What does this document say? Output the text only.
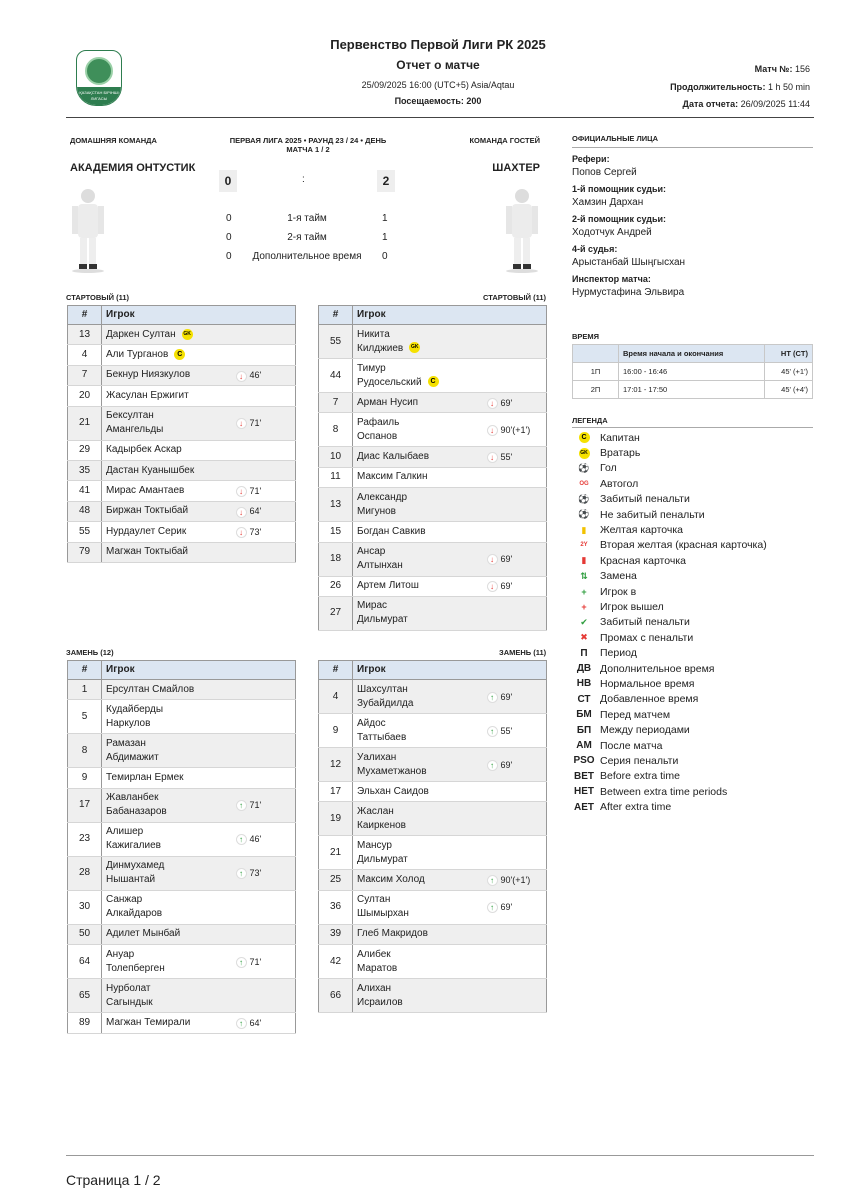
ҚАЗАҚСТАН БІРІНШІ ЛИГАСЫ
Первенство Первой Лиги РК 2025
Отчет о матче
25/09/2025 16:00 (UTC+5) Asia/Aqtau
Посещаемость: 200
Матч №: 156
Продолжительность: 1 h 50 min
Дата отчета: 26/09/2025 11:44
ДОМАШНЯЯ КОМАНДА	ПЕРВАЯ ЛИГА 2025 • РАУНД 23 / 24 • ДЕНЬ МАТЧА 1 / 2
КОМАНДА ГОСТЕЙ
АКАДЕМИЯ ОНТУСТИК	ШАХТЕР
0	:	2
0	1-я тайм	1
0	2-я тайм	1
0	Дополнительное время	0
СТАРТОВЫЙ (11)	СТАРТОВЫЙ (11)
ЗАМЕНЬ (12)	ЗАМЕНЬ (11)
#	Игрок	
13	Даркен Султан GK	
4	Али Турганов C	
7	Бекнур Ниязкулов	↓ 46'
20	Жасулан Ержигит	
21	Бексултан
Амангельды	↓ 71'
29	Кадырбек Аскар	
35	Дастан Куанышбек	
41	Мирас Амантаев	↓ 71'
48	Биржан Токтыбай	↓ 64'
55	Нурдаулет Серик	↓ 73'
79	Магжан Токтыбай	
#	Игрок	
55	Никита
Килджиев GK	
44	Тимур
Рудосельский C	
7	Арман Нусип	↓ 69'
8	Рафаиль
Оспанов	↓ 90'(+1')
10	Диас Калыбаев	↓ 55'
11	Максим Галкин	
13	Александр
Мигунов	
15	Богдан Савкив	
18	Ансар
Алтынхан	↓ 69'
26	Артем Литош	↓ 69'
27	Мирас
Дильмурат	
#	Игрок	
1	Ерсултан Смайлов	
5	Кудайберды
Наркулов	
8	Рамазан
Абдимажит	
9	Темирлан Ермек	
17	Жавланбек
Бабаназаров	↑ 71'
23	Алишер
Кажигалиев	↑ 46'
28	Динмухамед
Нышантай	↑ 73'
30	Санжар
Алкайдаров	
50	Адилет Мынбай	
64	Ануар
Толепберген	↑ 71'
65	Нурболат
Сагындык	
89	Магжан Темирали	↑ 64'
#	Игрок	
4	Шахсултан
Зубайдилда	↑ 69'
9	Айдос
Таттыбаев	↑ 55'
12	Уалихан
Мухаметжанов	↑ 69'
17	Эльхан Саидов	
19	Жаслан
Каиркенов	
21	Мансур
Дильмурат	
25	Максим Холод	↑ 90'(+1')
36	Султан
Шымырхан	↑ 69'
39	Глеб Макридов	
42	Алибек
Маратов	
66	Алихан
Исраилов	
ОФИЦИАЛЬНЫЕ ЛИЦА
Рефери:
Попов Сергей
1-й помощник судьи:
Хамзин Дархан
2-й помощник судьи:
Ходотчук Андрей
4-й судья:
Арыстанбай Шыңгысхан
Инспектор матча:
Нурмустафина Эльвира
ВРЕМЯ
	Время начала и окончания	HT (CT)
1П	16:00 - 16:46	45' (+1')
2П	17:01 - 17:50	45' (+4')
ЛЕГЕНДА
C	Капитан
GK	Вратарь
⚽ Гол
OG	Автогол
⚽ Забитый пенальти
⚽ Не забитый пенальти
▮	Желтая карточка
2Y	Вторая желтая (красная карточка)
▮	Красная карточка
⇅	Замена
+	Игрок в
+	Игрок вышел
✔	Забитый пенальти
✖	Промах с пенальти
П	Период
ДВ Дополнительное время
НВ Нормальное время
СТ Добавленное время
БМ Перед матчем
БП Между периодами
АМ После матча
PSO Серия пенальти
BET Before extra time
HET Between extra time periods
AET After extra time
Страница 1 / 2
